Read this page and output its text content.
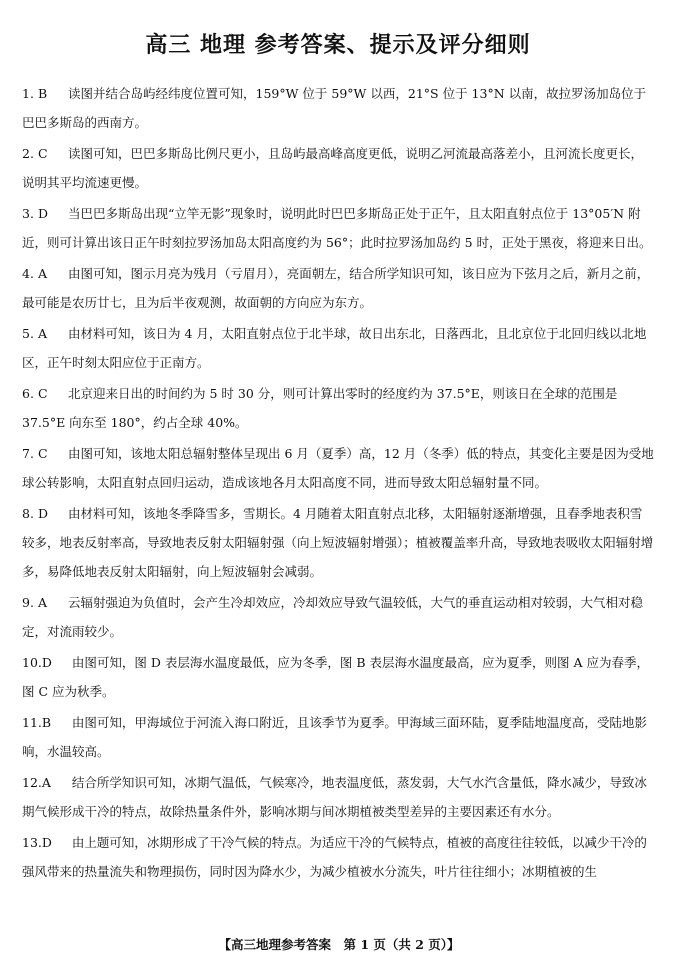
高三 地理 参考答案、提示及评分细则
1. B 读图并结合岛屿经纬度位置可知，159°W 位于 59°W 以西，21°S 位于 13°N 以南，故拉罗汤加岛位于巴巴多斯岛的西南方。
2. C 读图可知，巴巴多斯岛比例尺更小，且岛屿最高峰高度更低，说明乙河流最高落差小，且河流长度更长，说明其平均流速更慢。
3. D 当巴巴多斯岛出现“立竿无影”现象时，说明此时巴巴多斯岛正处于正午，且太阳直射点位于 13°05′N 附近，则可计算出该日正午时刻拉罗汤加岛太阳高度约为 56°；此时拉罗汤加岛约 5 时，正处于黑夜，将迎来日出。
4. A 由图可知，图示月亮为残月（亏眉月），亮面朝左，结合所学知识可知，该日应为下弦月之后，新月之前，最可能是农历廿七，且为后半夜观测，故面朝的方向应为东方。
5. A 由材料可知，该日为 4 月，太阳直射点位于北半球，故日出东北，日落西北，且北京位于北回归线以北地区，正午时刻太阳应位于正南方。
6. C 北京迎来日出的时间约为 5 时 30 分，则可计算出零时的经度约为 37.5°E，则该日在全球的范围是 37.5°E 向东至 180°，约占全球 40%。
7. C 由图可知，该地太阳总辐射整体呈现出 6 月（夏季）高，12 月（冬季）低的特点，其变化主要是因为受地球公转影响，太阳直射点回归运动，造成该地各月太阳高度不同，进而导致太阳总辐射量不同。
8. D 由材料可知，该地冬季降雪多，雪期长。4 月随着太阳直射点北移，太阳辐射逐渐增强，且春季地表积雪较多，地表反射率高，导致地表反射太阳辐射强（向上短波辐射增强）；植被覆盖率升高，导致地表吸收太阳辐射增多，易降低地表反射太阳辐射，向上短波辐射会减弱。
9. A 云辐射强迫为负值时，会产生冷却效应，冷却效应导致气温较低，大气的垂直运动相对较弱，大气相对稳定，对流雨较少。
10.D 由图可知，图 D 表层海水温度最低，应为冬季，图 B 表层海水温度最高，应为夏季，则图 A 应为春季，图 C 应为秋季。
11.B 由图可知，甲海域位于河流入海口附近，且该季节为夏季。甲海域三面环陆，夏季陆地温度高，受陆地影响，水温较高。
12.A 结合所学知识可知，冰期气温低，气候寒冷，地表温度低，蒸发弱，大气水汽含量低，降水减少，导致冰期气候形成干冷的特点，故除热量条件外，影响冰期与间冰期植被类型差异的主要因素还有水分。
13.D 由上题可知，冰期形成了干冷气候的特点。为适应干冷的气候特点，植被的高度往往较低，以减少干冷的强风带来的热量流失和物理损伤，同时因为降水少，为减少植被水分流失，叶片往往细小；冰期植被的生
【高三地理参考答案　第 1 页（共 2 页）】
